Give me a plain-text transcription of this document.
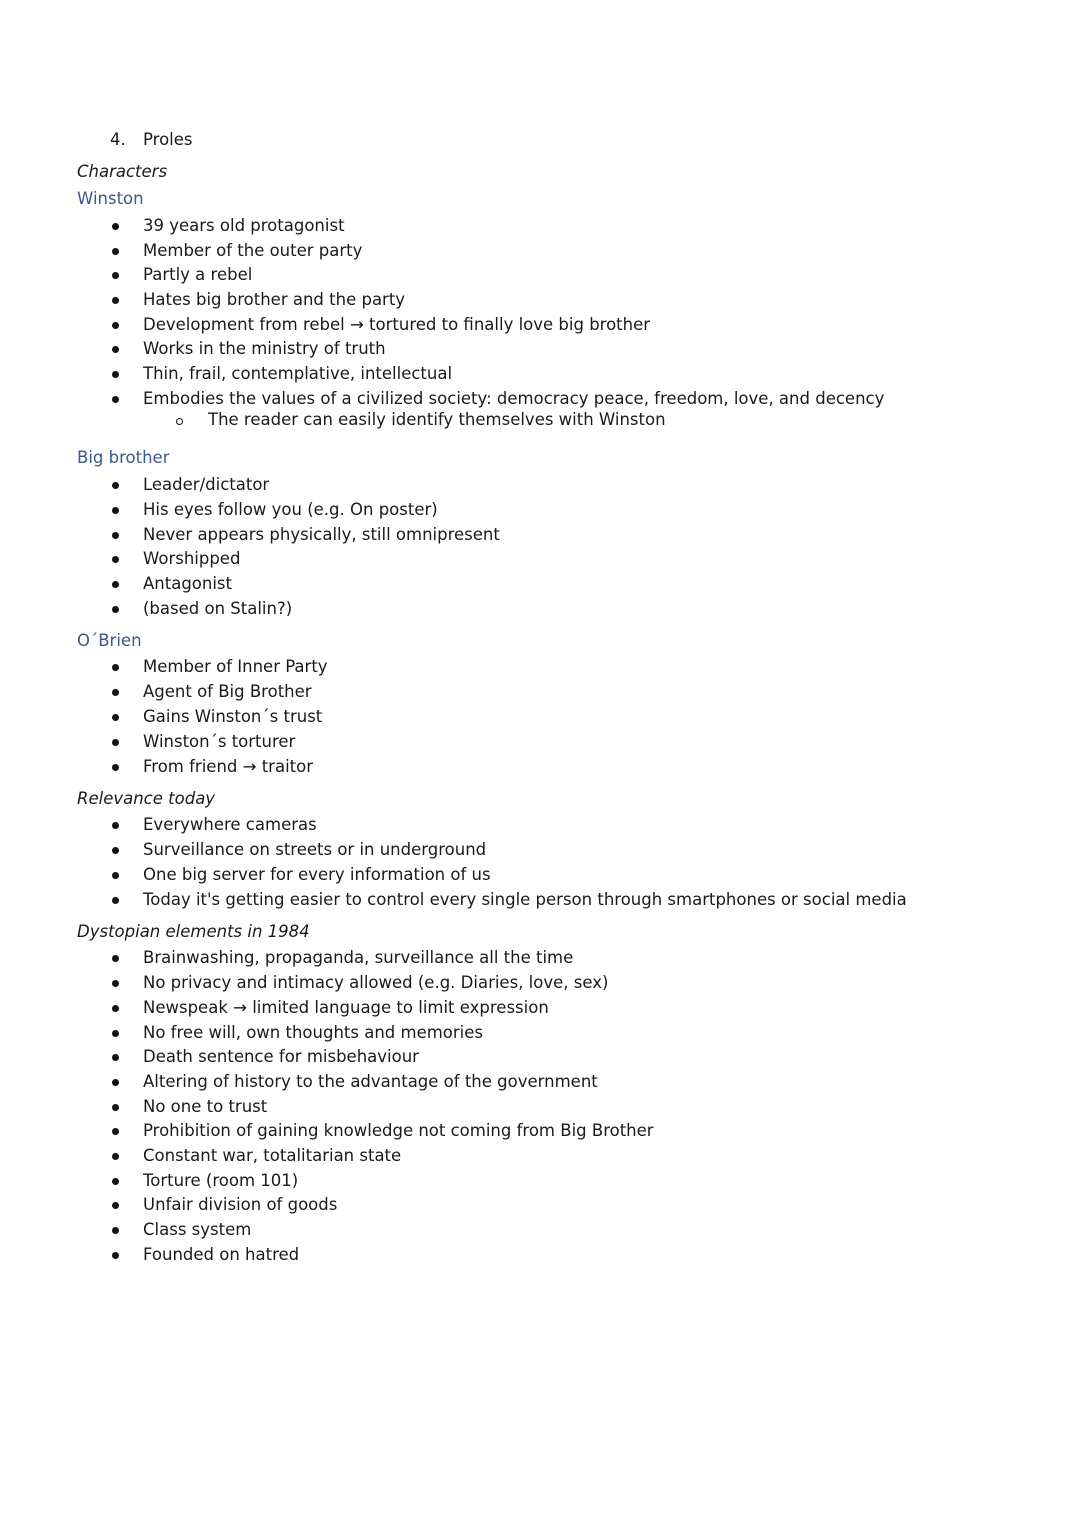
4. Proles
Characters
Winston
39 years old protagonist
Member of the outer party
Partly a rebel
Hates big brother and the party
Development from rebel → tortured to finally love big brother
Works in the ministry of truth
Thin, frail, contemplative, intellectual
Embodies the values of a civilized society: democracy peace, freedom, love, and decency
The reader can easily identify themselves with Winston
Big brother
Leader/dictator
His eyes follow you (e.g. On poster)
Never appears physically, still omnipresent
Worshipped
Antagonist
(based on Stalin?)
O´Brien
Member of Inner Party
Agent of Big Brother
Gains Winston´s trust
Winston´s torturer
From friend → traitor
Relevance today
Everywhere cameras
Surveillance on streets or in underground
One big server for every information of us
Today it's getting easier to control every single person through smartphones or social media
Dystopian elements in 1984
Brainwashing, propaganda, surveillance all the time
No privacy and intimacy allowed (e.g. Diaries, love, sex)
Newspeak → limited language to limit expression
No free will, own thoughts and memories
Death sentence for misbehaviour
Altering of history to the advantage of the government
No one to trust
Prohibition of gaining knowledge not coming from Big Brother
Constant war, totalitarian state
Torture (room 101)
Unfair division of goods
Class system
Founded on hatred
